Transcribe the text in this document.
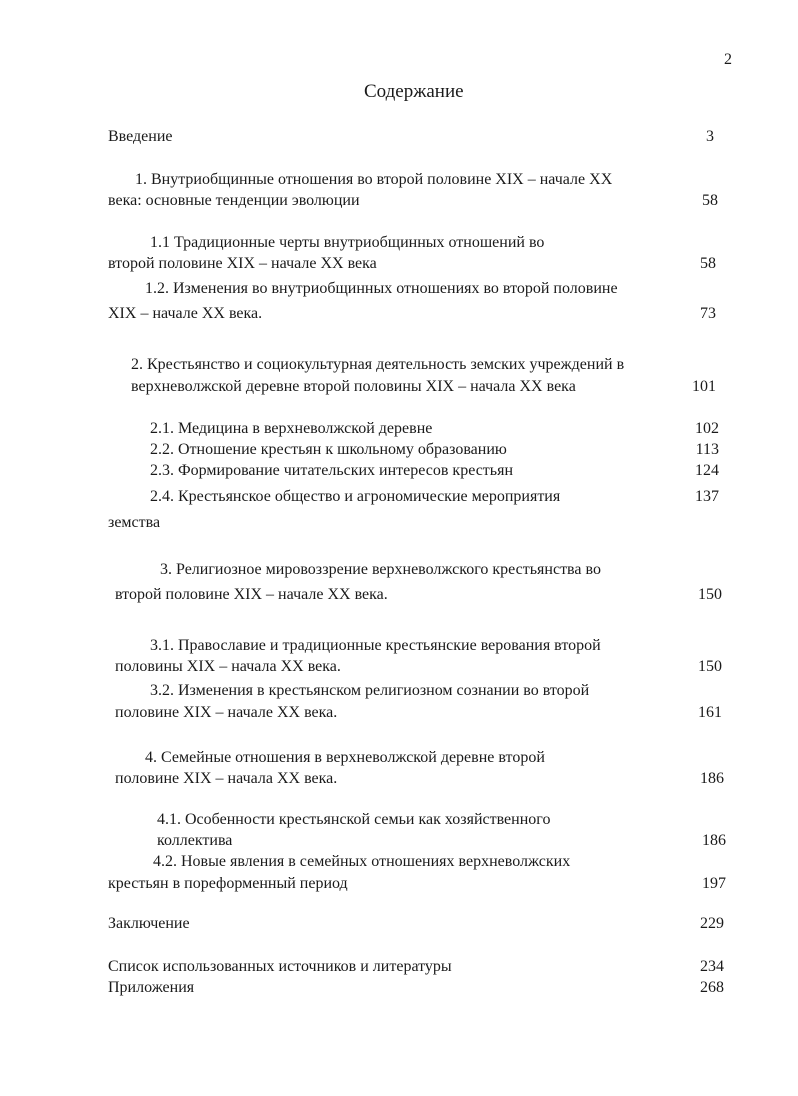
2
Содержание
Введение	3
1. Внутриобщинные отношения во второй половине XIX – начале XX
века: основные тенденции эволюции	58
1.1 Традиционные черты внутриобщинных отношений во
второй половине XIX – начале XX века	58
1.2. Изменения во внутриобщинных отношениях во второй половине
XIX – начале XX века.	73
2. Крестьянство и социокультурная деятельность земских учреждений в
верхневолжской деревне второй половины XIX – начала XX века	101
2.1. Медицина в верхневолжской деревне	102
2.2. Отношение крестьян к школьному образованию	113
2.3. Формирование читательских интересов крестьян	124
2.4. Крестьянское общество и агрономические мероприятия	137
земства
3. Религиозное мировоззрение верхневолжского крестьянства во
второй половине XIX – начале XX века.	150
3.1. Православие и традиционные крестьянские верования второй
половины XIX – начала XX века.	150
3.2. Изменения в крестьянском религиозном сознании во второй
половине XIX – начале XX века.	161
4. Семейные отношения в верхневолжской деревне второй
половине XIX – начала XX века.	186
4.1. Особенности крестьянской семьи как хозяйственного
коллектива	186
4.2. Новые явления в семейных отношениях верхневолжских
крестьян в пореформенный период	197
Заключение	229
Список использованных источников и литературы	234
Приложения	268
